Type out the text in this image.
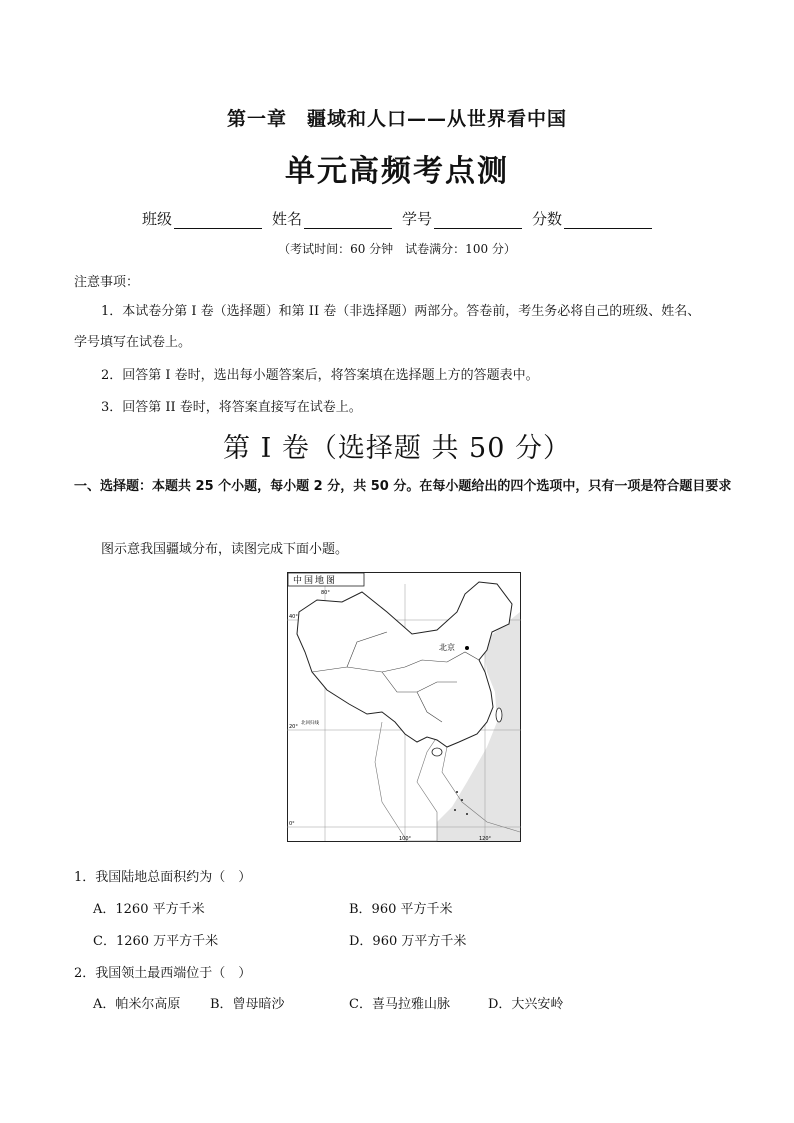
第一章　疆域和人口——从世界看中国
单元高频考点测
班级	姓名	学号	分数
（考试时间：60 分钟　试卷满分：100 分）
注意事项：
1．本试卷分第 I 卷（选择题）和第 II 卷（非选择题）两部分。答卷前，考生务必将自己的班级、姓名、
学号填写在试卷上。
2．回答第 I 卷时，选出每小题答案后，将答案填在选择题上方的答题表中。
3．回答第 II 卷时，将答案直接写在试卷上。
第 I 卷（选择题 共 50 分）
一、选择题：本题共 25 个小题，每小题 2 分，共 50 分。在每小题给出的四个选项中，只有一项是符合题目要求
图示意我国疆域分布，读图完成下面小题。
北京
中国地图
北回归线
80°
100°	120°
40°
20°
0°
1．我国陆地总面积约为（　）
A．1260 平方千米	B．960 平方千米
C．1260 万平方千米	D．960 万平方千米
2．我国领土最西端位于（　）
A．帕米尔高原 B．曾母暗沙	C．喜马拉雅山脉	D．大兴安岭
